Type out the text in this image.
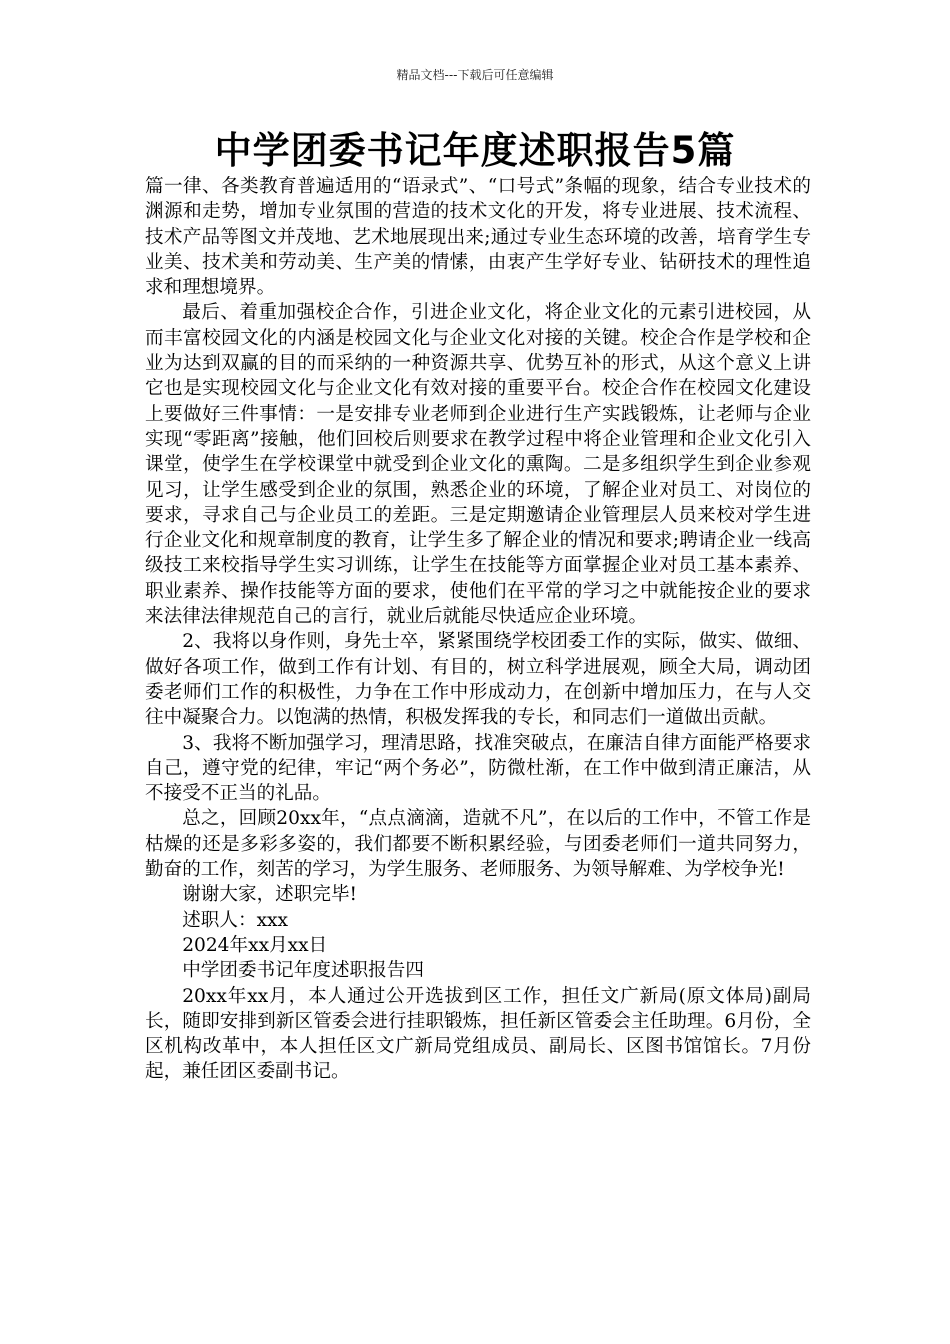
精品文档---下载后可任意编辑
中学团委书记年度述职报告5篇

篇一律、各类教育普遍适用的“语录式”、“口号式”条幅的现象，结合专业技术的渊源和走势，增加专业氛围的营造的技术文化的开发，将专业进展、技术流程、技术产品等图文并茂地、艺术地展现出来;通过专业生态环境的改善，培育学生专业美、技术美和劳动美、生产美的情愫，由衷产生学好专业、钻研技术的理性追求和理想境界。

最后、着重加强校企合作，引进企业文化，将企业文化的元素引进校园，从而丰富校园文化的内涵是校园文化与企业文化对接的关键。校企合作是学校和企业为达到双赢的目的而采纳的一种资源共享、优势互补的形式，从这个意义上讲它也是实现校园文化与企业文化有效对接的重要平台。校企合作在校园文化建设上要做好三件事情：一是安排专业老师到企业进行生产实践锻炼，让老师与企业实现“零距离”接触，他们回校后则要求在教学过程中将企业管理和企业文化引入课堂，使学生在学校课堂中就受到企业文化的熏陶。二是多组织学生到企业参观见习，让学生感受到企业的氛围，熟悉企业的环境，了解企业对员工、对岗位的要求，寻求自己与企业员工的差距。三是定期邀请企业管理层人员来校对学生进行企业文化和规章制度的教育，让学生多了解企业的情况和要求;聘请企业一线高级技工来校指导学生实习训练，让学生在技能等方面掌握企业对员工基本素养、职业素养、操作技能等方面的要求，使他们在平常的学习之中就能按企业的要求来法律法律规范自己的言行，就业后就能尽快适应企业环境。

2、我将以身作则，身先士卒，紧紧围绕学校团委工作的实际，做实、做细、做好各项工作，做到工作有计划、有目的，树立科学进展观，顾全大局，调动团委老师们工作的积极性，力争在工作中形成动力，在创新中增加压力，在与人交往中凝聚合力。以饱满的热情，积极发挥我的专长，和同志们一道做出贡献。

3、我将不断加强学习，理清思路，找准突破点，在廉洁自律方面能严格要求自己，遵守党的纪律，牢记“两个务必”，防微杜渐，在工作中做到清正廉洁，从不接受不正当的礼品。

总之，回顾20xx年，“点点滴滴，造就不凡”，在以后的工作中，不管工作是枯燥的还是多彩多姿的，我们都要不断积累经验，与团委老师们一道共同努力，勤奋的工作，刻苦的学习，为学生服务、老师服务、为领导解难、为学校争光!

谢谢大家，述职完毕!

述职人：xxx

2024年xx月xx日

中学团委书记年度述职报告四

20xx年xx月，本人通过公开选拔到区工作，担任文广新局(原文体局)副局长，随即安排到新区管委会进行挂职锻炼，担任新区管委会主任助理。6月份，全区机构改革中，本人担任区文广新局党组成员、副局长、区图书馆馆长。7月份起，兼任团区委副书记。
